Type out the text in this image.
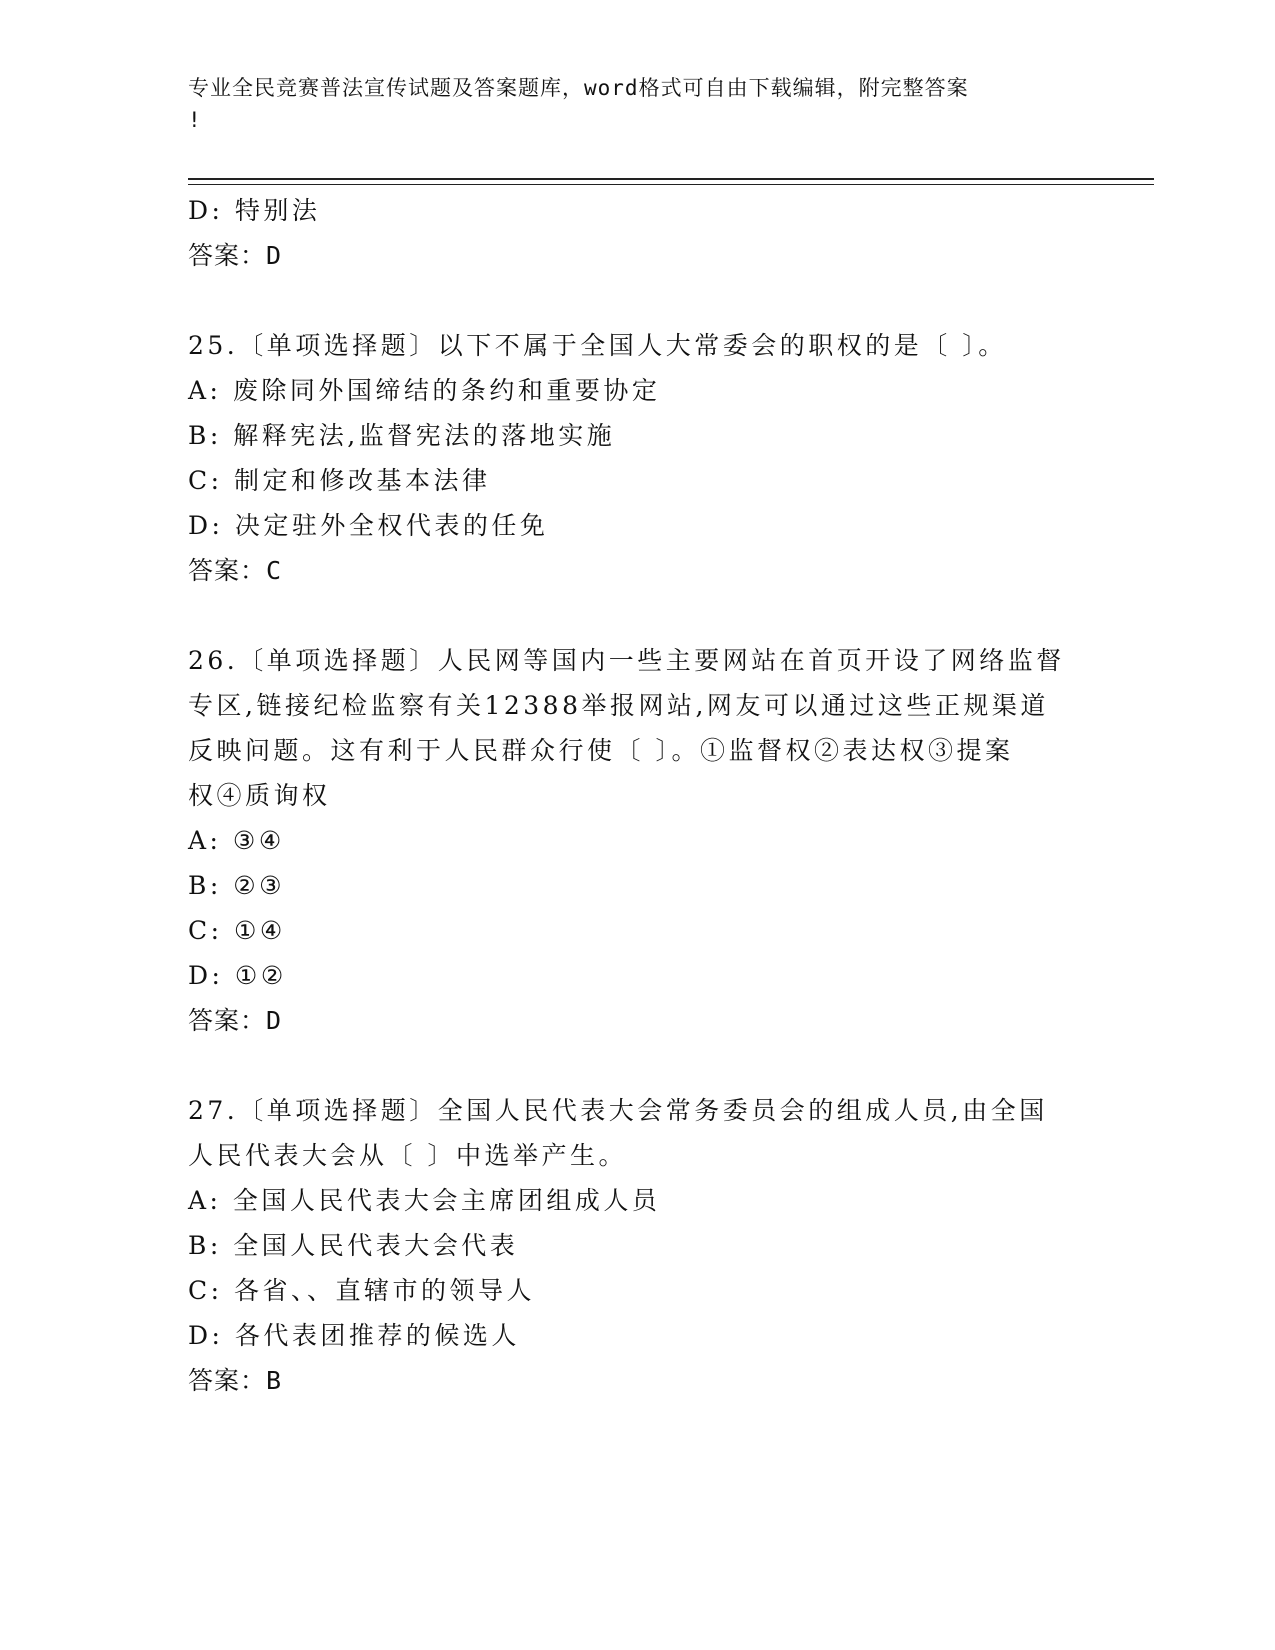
专业全民竞赛普法宣传试题及答案题库，word格式可自由下载编辑，附完整答案
!
D: 特别法
答案：D
25.〔单项选择题〕以下不属于全国人大常委会的职权的是〔 〕。
A: 废除同外国缔结的条约和重要协定
B: 解释宪法,监督宪法的落地实施
C: 制定和修改基本法律
D: 决定驻外全权代表的任免
答案：C
26.〔单项选择题〕人民网等国内一些主要网站在首页开设了网络监督
专区,链接纪检监察有关12388举报网站,网友可以通过这些正规渠道
反映问题。这有利于人民群众行使〔 〕。①监督权②表达权③提案
权④质询权
A: ③④
B: ②③
C: ①④
D: ①②
答案：D
27.〔单项选择题〕全国人民代表大会常务委员会的组成人员,由全国
人民代表大会从〔 〕中选举产生。
A: 全国人民代表大会主席团组成人员
B: 全国人民代表大会代表
C: 各省、、直辖市的领导人
D: 各代表团推荐的候选人
答案：B
